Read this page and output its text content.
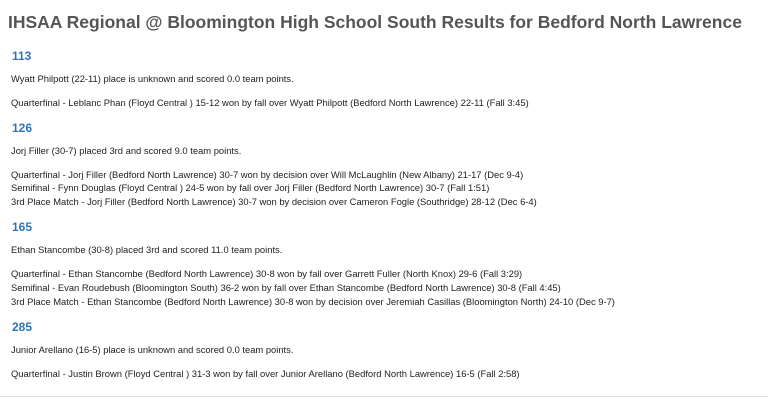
IHSAA Regional @ Bloomington High School South Results for Bedford North Lawrence
113
Wyatt Philpott (22-11) place is unknown and scored 0.0 team points.
Quarterfinal - Leblanc Phan (Floyd Central ) 15-12 won by fall over Wyatt Philpott (Bedford North Lawrence) 22-11 (Fall 3:45)
126
Jorj Filler (30-7) placed 3rd and scored 9.0 team points.
Quarterfinal - Jorj Filler (Bedford North Lawrence) 30-7 won by decision over Will McLaughlin (New Albany) 21-17 (Dec 9-4)
Semifinal - Fynn Douglas (Floyd Central ) 24-5 won by fall over Jorj Filler (Bedford North Lawrence) 30-7 (Fall 1:51)
3rd Place Match - Jorj Filler (Bedford North Lawrence) 30-7 won by decision over Cameron Fogle (Southridge) 28-12 (Dec 6-4)
165
Ethan Stancombe (30-8) placed 3rd and scored 11.0 team points.
Quarterfinal - Ethan Stancombe (Bedford North Lawrence) 30-8 won by fall over Garrett Fuller (North Knox) 29-6 (Fall 3:29)
Semifinal - Evan Roudebush (Bloomington South) 36-2 won by fall over Ethan Stancombe (Bedford North Lawrence) 30-8 (Fall 4:45)
3rd Place Match - Ethan Stancombe (Bedford North Lawrence) 30-8 won by decision over Jeremiah Casillas (Bloomington North) 24-10 (Dec 9-7)
285
Junior Arellano (16-5) place is unknown and scored 0.0 team points.
Quarterfinal - Justin Brown (Floyd Central ) 31-3 won by fall over Junior Arellano (Bedford North Lawrence) 16-5 (Fall 2:58)
